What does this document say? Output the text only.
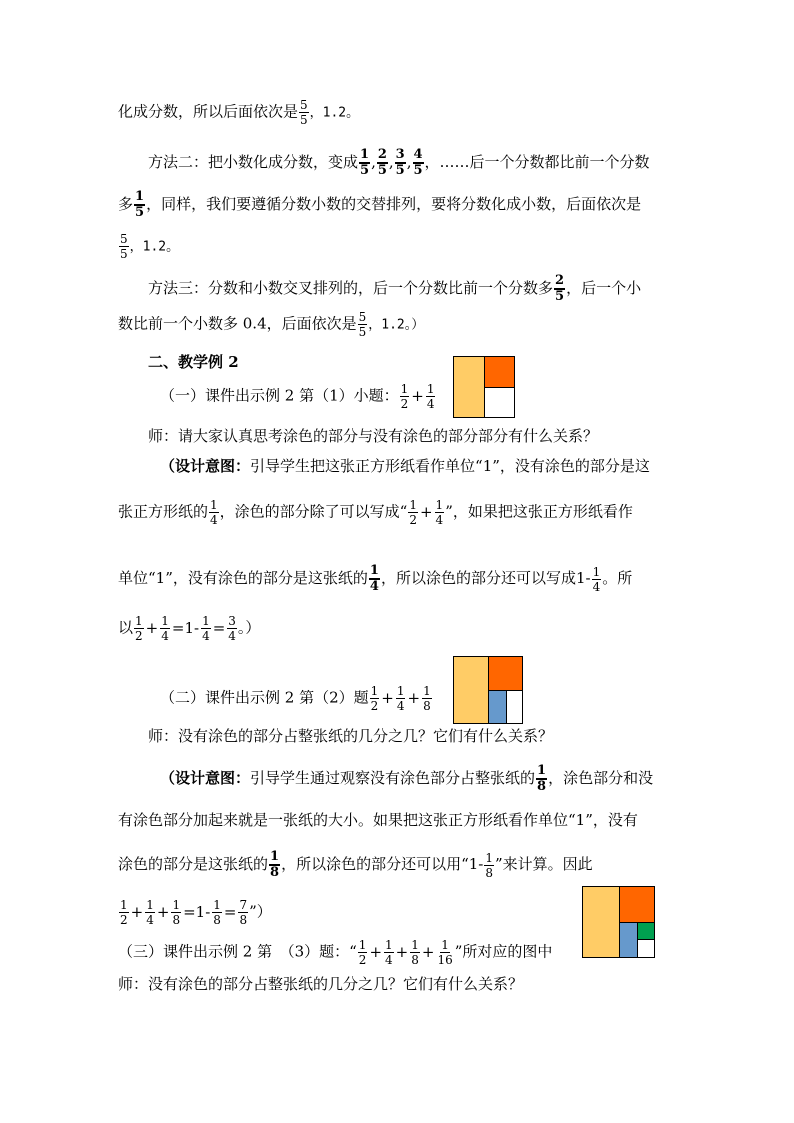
化成分数，所以后面依次是 $\frac{5}{5}$ ，1.2。
方法二：把小数化成分数，变成 $\frac{1}{5}$ , $\frac{2}{5}$ , $\frac{3}{5}$ , $\frac{4}{5}$ ，……后一个分数都比前一个分数
多 $\frac{1}{5}$ ，同样，我们要遵循分数小数的交替排列，要将分数化成小数，后面依次是
$\frac{5}{5}$ ，1.2。
方法三：分数和小数交叉排列的，后一个分数比前一个分数多 $\frac{2}{5}$ ，后一个小
数比前一个小数多 0.4，后面依次是 $\frac{5}{5}$ ，1.2。）
二、教学例 2
（一）课件出示例 2 第（1）小题： $\frac{1}{2} + \frac{1}{4}$
师：请大家认真思考涂色的部分与没有涂色的部分部分有什么关系？
（设计意图：引导学生把这张正方形纸看作单位“1”，没有涂色的部分是这
张正方形纸的 $\frac{1}{4}$ ，涂色的部分除了可以写成“ $\frac{1}{2} + \frac{1}{4}$ ”，如果把这张正方形纸看作
单位“1”，没有涂色的部分是这张纸的 $\frac{1}{4}$ ，所以涂色的部分还可以写成$1- \frac{1}{4}$ 。所
以 $\frac{1}{2} + \frac{1}{4} =1- \frac{1}{4} = \frac{3}{4}$ 。）
（二）课件出示例 2 第（2）题 $\frac{1}{2} + \frac{1}{4} + \frac{1}{8}$
师：没有涂色的部分占整张纸的几分之几？它们有什么关系？
（设计意图：引导学生通过观察没有涂色部分占整张纸的 $\frac{1}{8}$ ，涂色部分和没
有涂色部分加起来就是一张纸的大小。如果把这张正方形纸看作单位“1”，没有
涂色的部分是这张纸的 $\frac{1}{8}$ ，所以涂色的部分还可以用“$1- \frac{1}{8}$ ”来计算。因此
$\frac{1}{2} + \frac{1}{4} + \frac{1}{8} =1- \frac{1}{8} = \frac{7}{8}$ ”）
（三）课件出示例 2 第　（3）题：“ $\frac{1}{2} + \frac{1}{4} + \frac{1}{8} + \frac{1}{16}$ ”所对应的图中
师：没有涂色的部分占整张纸的几分之几？它们有什么关系？
